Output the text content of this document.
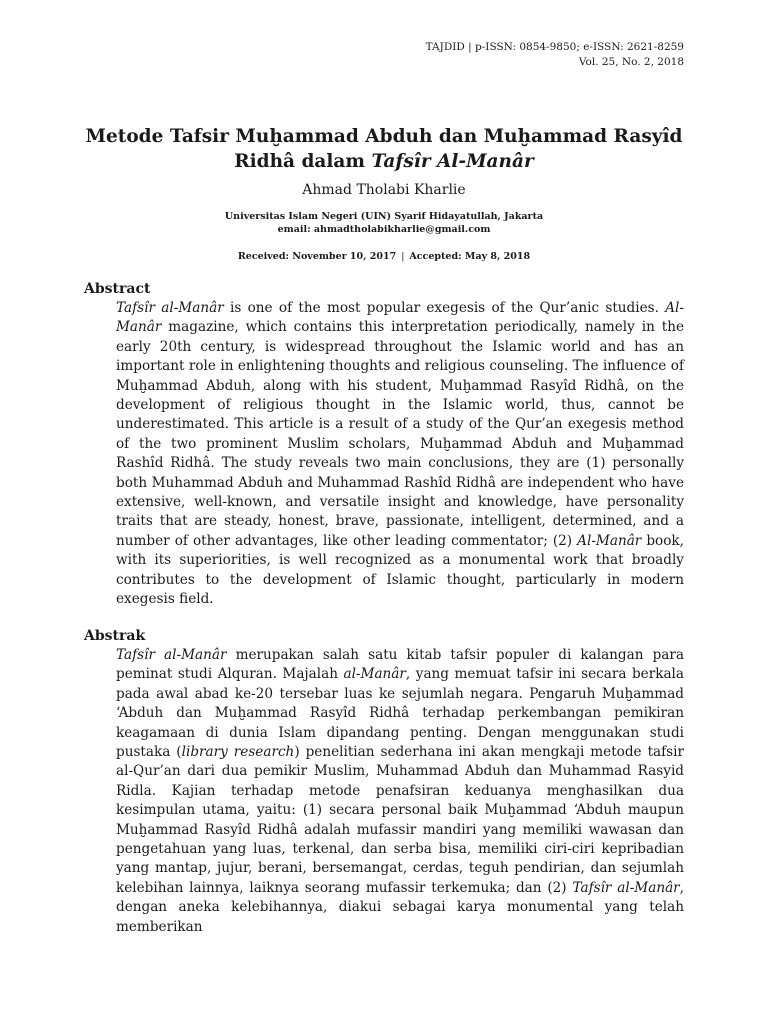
TAJDID | p-ISSN: 0854-9850; e-ISSN: 2621-8259
Vol. 25, No. 2, 2018
Metode Tafsir Muḫammad Abduh dan Muḫammad Rasyîd
Ridhâ dalam Tafsîr Al-Manâr
Ahmad Tholabi Kharlie
Universitas Islam Negeri (UIN) Syarif Hidayatullah, Jakarta
email: ahmadtholabikharlie@gmail.com
Received: November 10, 2017 | Accepted: May 8, 2018
Abstract

Tafsîr al-Manâr is one of the most popular exegesis of the Qur’anic studies. Al-Manâr magazine, which contains this interpretation periodically, namely in the early 20th century, is widespread throughout the Islamic world and has an important role in enlightening thoughts and religious counseling. The influence of Muḫammad Abduh, along with his student, Muḫammad Rasyîd Ridhâ, on the development of religious thought in the Islamic world, thus, cannot be underestimated. This article is a result of a study of the Qur’an exegesis method of the two prominent Muslim scholars, Muḫammad Abduh and Muḫammad Rashîd Ridhâ. The study reveals two main conclusions, they are (1) personally both Muhammad Abduh and Muhammad Rashîd Ridhâ are independent who have extensive, well-known, and versatile insight and knowledge, have personality traits that are steady, honest, brave, passionate, intelligent, determined, and a number of other advantages, like other leading commentator; (2) Al-Manâr book, with its superiorities, is well recognized as a monumental work that broadly contributes to the development of Islamic thought, particularly in modern exegesis field.

Abstrak

Tafsîr al-Manâr merupakan salah satu kitab tafsir populer di kalangan para peminat studi Alquran. Majalah al-Manâr, yang memuat tafsir ini secara berkala pada awal abad ke-20 tersebar luas ke sejumlah negara. Pengaruh Muḫammad ‘Abduh dan Muḫammad Rasyîd Ridhâ terhadap perkembangan pemikiran keagamaan di dunia Islam dipandang penting. Dengan menggunakan studi pustaka (library research) penelitian sederhana ini akan mengkaji metode tafsir al-Qur’an dari dua pemikir Muslim, Muhammad Abduh dan Muhammad Rasyid Ridla. Kajian terhadap metode penafsiran keduanya menghasilkan dua kesimpulan utama, yaitu: (1) secara personal baik Muḫammad ‘Abduh maupun Muḫammad Rasyîd Ridhâ adalah mufassir mandiri yang memiliki wawasan dan pengetahuan yang luas, terkenal, dan serba bisa, memiliki ciri-ciri kepribadian yang mantap, jujur, berani, bersemangat, cerdas, teguh pendirian, dan sejumlah kelebihan lainnya, laiknya seorang mufassir terkemuka; dan (2) Tafsîr al-Manâr, dengan aneka kelebihannya, diakui sebagai karya monumental yang telah memberikan
